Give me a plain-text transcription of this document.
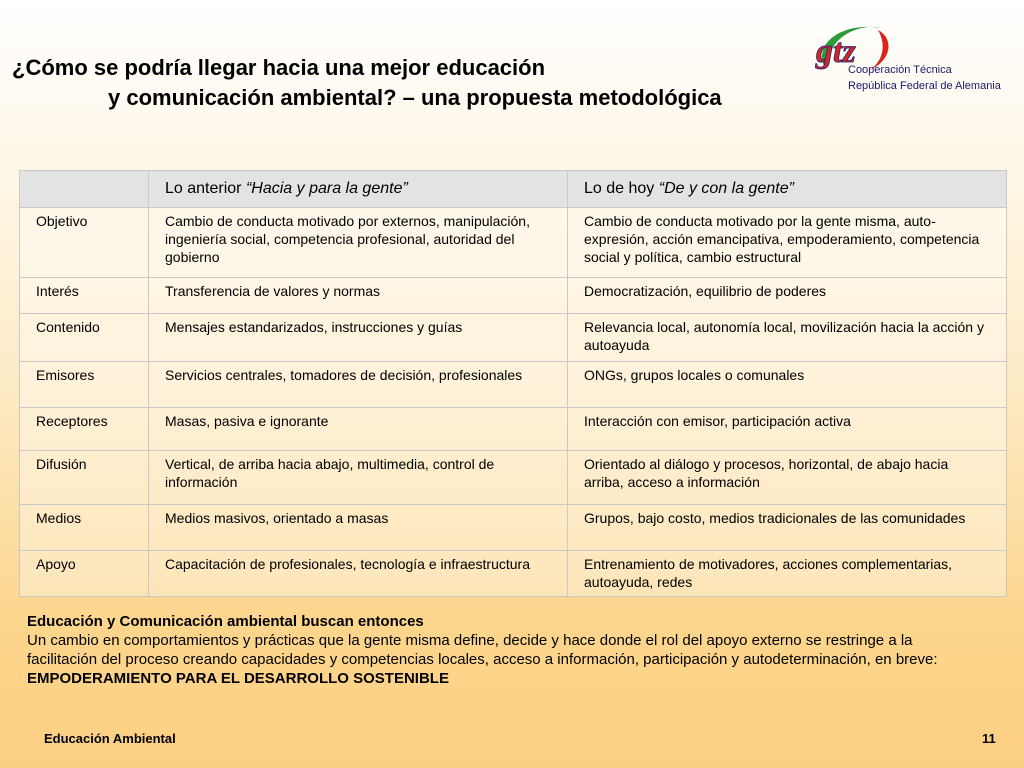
¿Cómo se podría llegar hacia una mejor educación
y comunicación ambiental? – una propuesta metodológica
gtz
Cooperación Técnica
República Federal de Alemania
	Lo anterior “Hacia y para la gente”	Lo de hoy “De y con la gente”
Objetivo	Cambio de conducta motivado por externos, manipulación, ingeniería social, competencia profesional, autoridad del gobierno	Cambio de conducta motivado por la gente misma, auto-expresión, acción emancipativa, empoderamiento, competencia social y política, cambio estructural
Interés	Transferencia de valores y normas	Democratización, equilibrio de poderes
Contenido	Mensajes estandarizados, instrucciones y guías	Relevancia local, autonomía local, movilización hacia la acción y autoayuda
Emisores	Servicios centrales, tomadores de decisión, profesionales	ONGs, grupos locales o comunales
Receptores	Masas, pasiva e ignorante	Interacción con emisor, participación activa
Difusión	Vertical, de arriba hacia abajo, multimedia, control de información	Orientado al diálogo y procesos, horizontal, de abajo hacia arriba, acceso a información
Medios	Medios masivos, orientado a masas	Grupos, bajo costo, medios tradicionales de las comunidades
Apoyo	Capacitación de profesionales, tecnología e infraestructura	Entrenamiento de motivadores, acciones complementarias, autoayuda, redes
Educación y Comunicación ambiental buscan entonces
Un cambio en comportamientos y prácticas que la gente misma define, decide y hace donde el rol del apoyo externo se restringe a la facilitación del proceso creando capacidades y competencias locales, acceso a información, participación y autodeterminación, en breve: EMPODERAMIENTO PARA EL DESARROLLO SOSTENIBLE
Educación Ambiental	11
